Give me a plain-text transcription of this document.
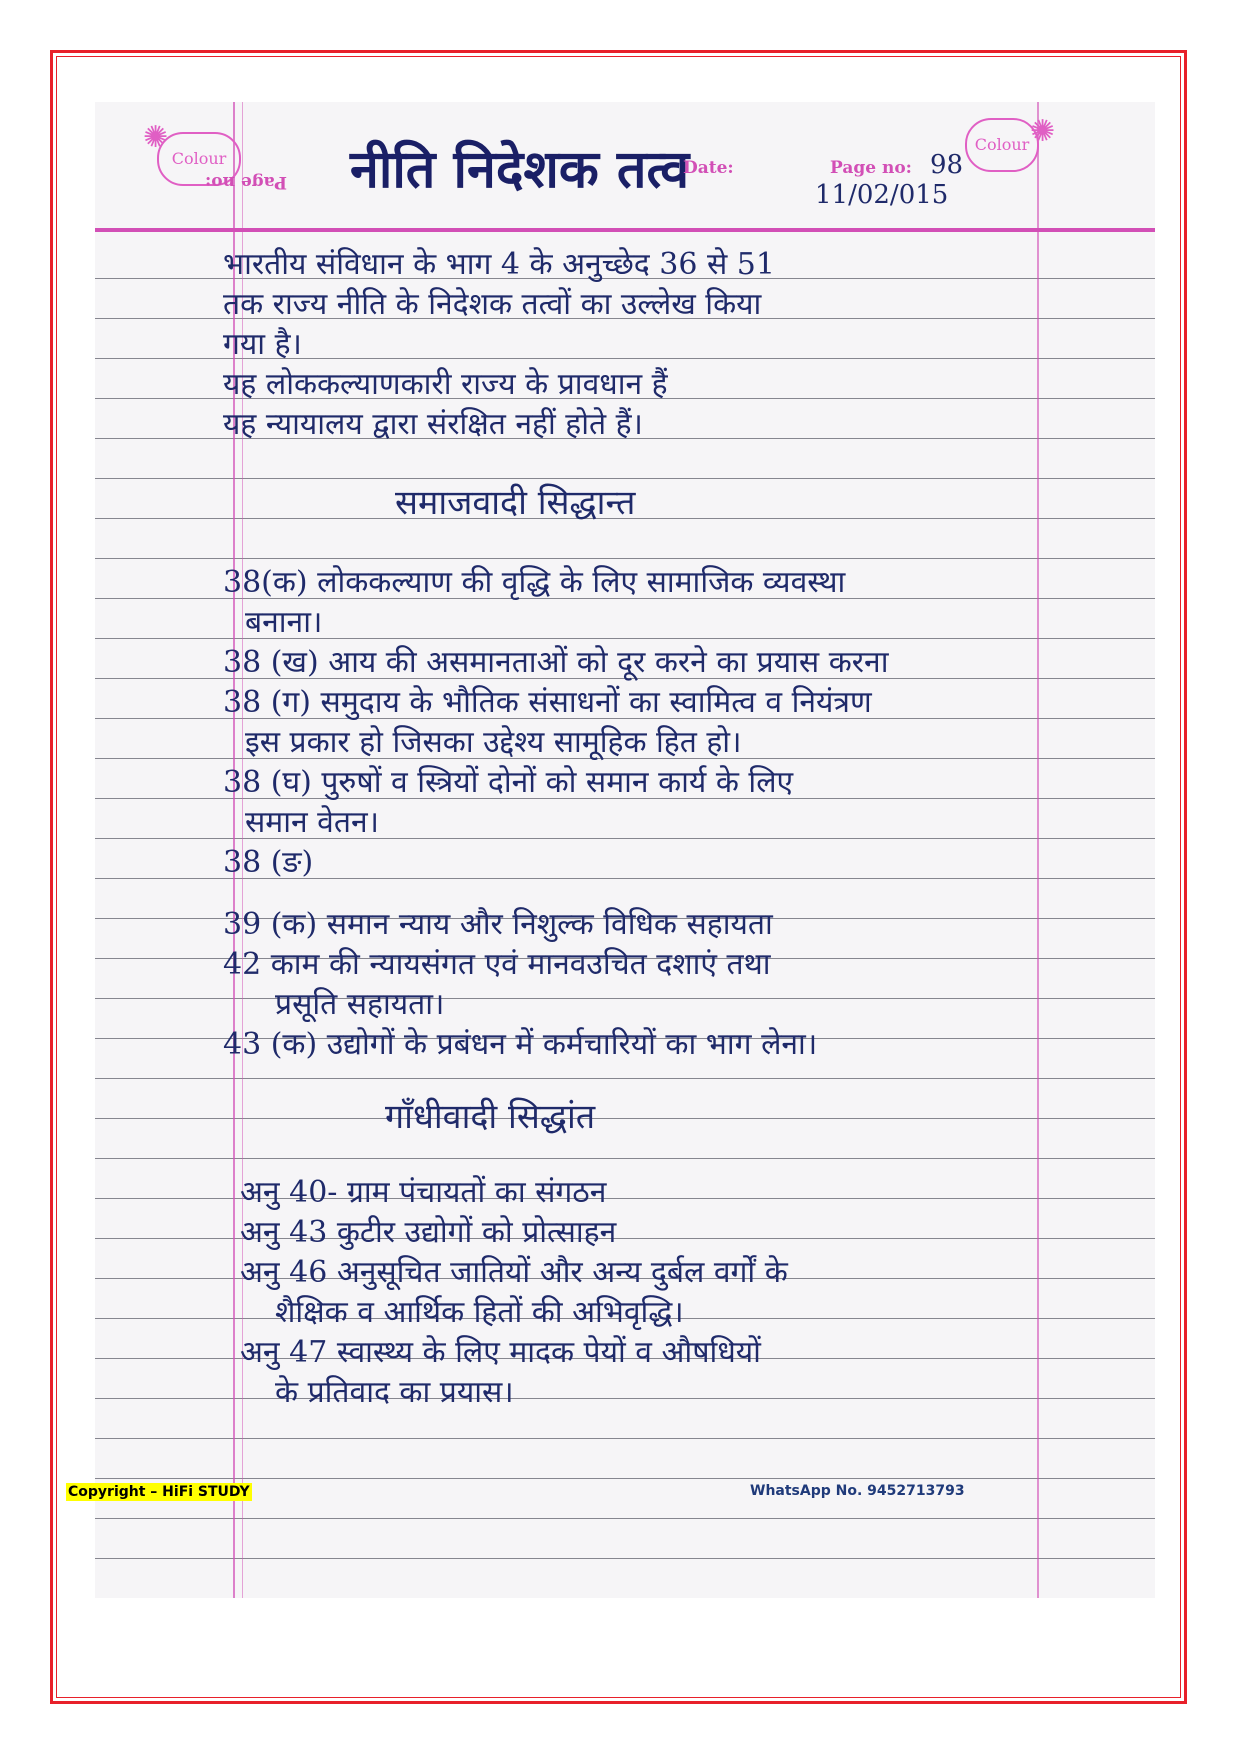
✺
Colour
Page no: नीति निदेशक तत्व	Colour ✺
Date:	Page no: 98
11/02/015
भारतीय संविधान के भाग 4 के अनुच्छेद 36 से 51
तक राज्य नीति के निदेशक तत्वों का उल्लेख किया
गया है।
यह लोककल्याणकारी राज्य के प्रावधान हैं
यह न्यायालय द्वारा संरक्षित नहीं होते हैं।
समाजवादी सिद्धान्त
38(क) लोककल्याण की वृद्धि के लिए सामाजिक व्यवस्था
बनाना।
38 (ख) आय की असमानताओं को दूर करने का प्रयास करना
38 (ग) समुदाय के भौतिक संसाधनों का स्वामित्व व नियंत्रण
इस प्रकार हो जिसका उद्देश्य सामूहिक हित हो।
38 (घ) पुरुषों व स्त्रियों दोनों को समान कार्य के लिए
समान वेतन।
38 (ङ)
39 (क) समान न्याय और निशुल्क विधिक सहायता
42 काम की न्यायसंगत एवं मानवउचित दशाएं तथा
प्रसूति सहायता।
43 (क) उद्योगों के प्रबंधन में कर्मचारियों का भाग लेना।
गाँधीवादी सिद्धांत
अनु 40- ग्राम पंचायतों का संगठन
अनु 43 कुटीर उद्योगों को प्रोत्साहन
अनु 46 अनुसूचित जातियों और अन्य दुर्बल वर्गों के
शैक्षिक व आर्थिक हितों की अभिवृद्धि।
अनु 47 स्वास्थ्य के लिए मादक पेयों व औषधियों
के प्रतिवाद का प्रयास।
Copyright – HiFi STUDY	WhatsApp No. 9452713793
